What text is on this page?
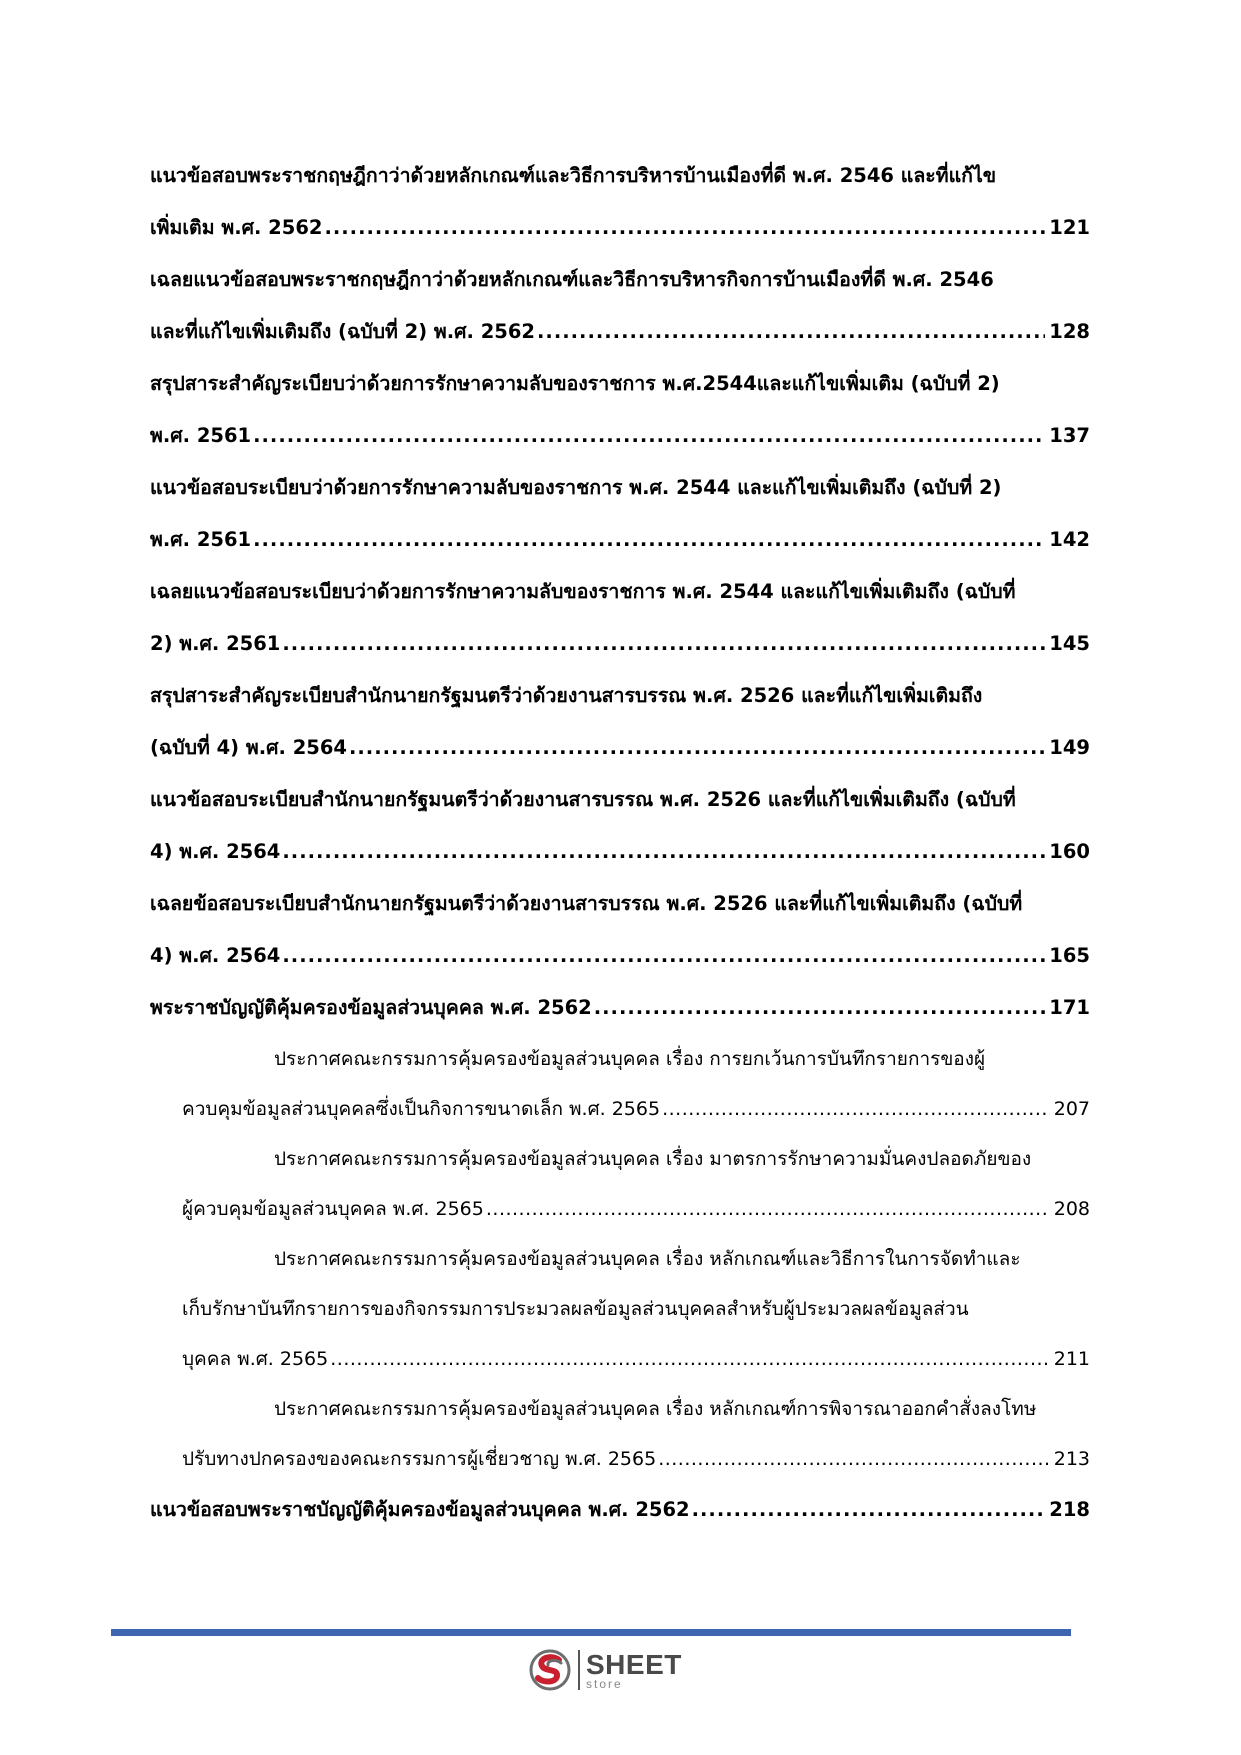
แนวข้อสอบพระราชกฤษฎีกาว่าด้วยหลักเกณฑ์และวิธีการบริหารบ้านเมืองที่ดี พ.ศ. 2546 และที่แก้ไข
เพิ่มเติม พ.ศ. 2562 .....	121
เฉลยแนวข้อสอบพระราชกฤษฎีกาว่าด้วยหลักเกณฑ์และวิธีการบริหารกิจการบ้านเมืองที่ดี พ.ศ. 2546
และที่แก้ไขเพิ่มเติมถึง (ฉบับที่ 2) พ.ศ. 2562 .....	128
สรุปสาระสำคัญระเบียบว่าด้วยการรักษาความลับของราชการ พ.ศ.2544และแก้ไขเพิ่มเติม (ฉบับที่ 2)
พ.ศ. 2561 .....	137
แนวข้อสอบระเบียบว่าด้วยการรักษาความลับของราชการ พ.ศ. 2544 และแก้ไขเพิ่มเติมถึง (ฉบับที่ 2)
พ.ศ. 2561 .....	142
เฉลยแนวข้อสอบระเบียบว่าด้วยการรักษาความลับของราชการ พ.ศ. 2544 และแก้ไขเพิ่มเติมถึง (ฉบับที่
2) พ.ศ. 2561 .....	145
สรุปสาระสำคัญระเบียบสำนักนายกรัฐมนตรีว่าด้วยงานสารบรรณ พ.ศ. 2526 และที่แก้ไขเพิ่มเติมถึง
(ฉบับที่ 4) พ.ศ. 2564 .....	149
แนวข้อสอบระเบียบสำนักนายกรัฐมนตรีว่าด้วยงานสารบรรณ พ.ศ. 2526 และที่แก้ไขเพิ่มเติมถึง (ฉบับที่
4) พ.ศ. 2564 .....	160
เฉลยข้อสอบระเบียบสำนักนายกรัฐมนตรีว่าด้วยงานสารบรรณ พ.ศ. 2526 และที่แก้ไขเพิ่มเติมถึง (ฉบับที่
4) พ.ศ. 2564 .....	165
พระราชบัญญัติคุ้มครองข้อมูลส่วนบุคคล พ.ศ. 2562 .....	171
ประกาศคณะกรรมการคุ้มครองข้อมูลส่วนบุคคล เรื่อง การยกเว้นการบันทึกรายการของผู้
ควบคุมข้อมูลส่วนบุคคลซึ่งเป็นกิจการขนาดเล็ก พ.ศ. 2565 .....	207
ประกาศคณะกรรมการคุ้มครองข้อมูลส่วนบุคคล เรื่อง มาตรการรักษาความมั่นคงปลอดภัยของ
ผู้ควบคุมข้อมูลส่วนบุคคล พ.ศ. 2565 .....	208
ประกาศคณะกรรมการคุ้มครองข้อมูลส่วนบุคคล เรื่อง หลักเกณฑ์และวิธีการในการจัดทำและ
เก็บรักษาบันทึกรายการของกิจกรรมการประมวลผลข้อมูลส่วนบุคคลสำหรับผู้ประมวลผลข้อมูลส่วน
บุคคล พ.ศ. 2565 .....	211
ประกาศคณะกรรมการคุ้มครองข้อมูลส่วนบุคคล เรื่อง หลักเกณฑ์การพิจารณาออกคำสั่งลงโทษ
ปรับทางปกครองของคณะกรรมการผู้เชี่ยวชาญ พ.ศ. 2565 .....	213
แนวข้อสอบพระราชบัญญัติคุ้มครองข้อมูลส่วนบุคคล พ.ศ. 2562 .....	218
SHEET
store
